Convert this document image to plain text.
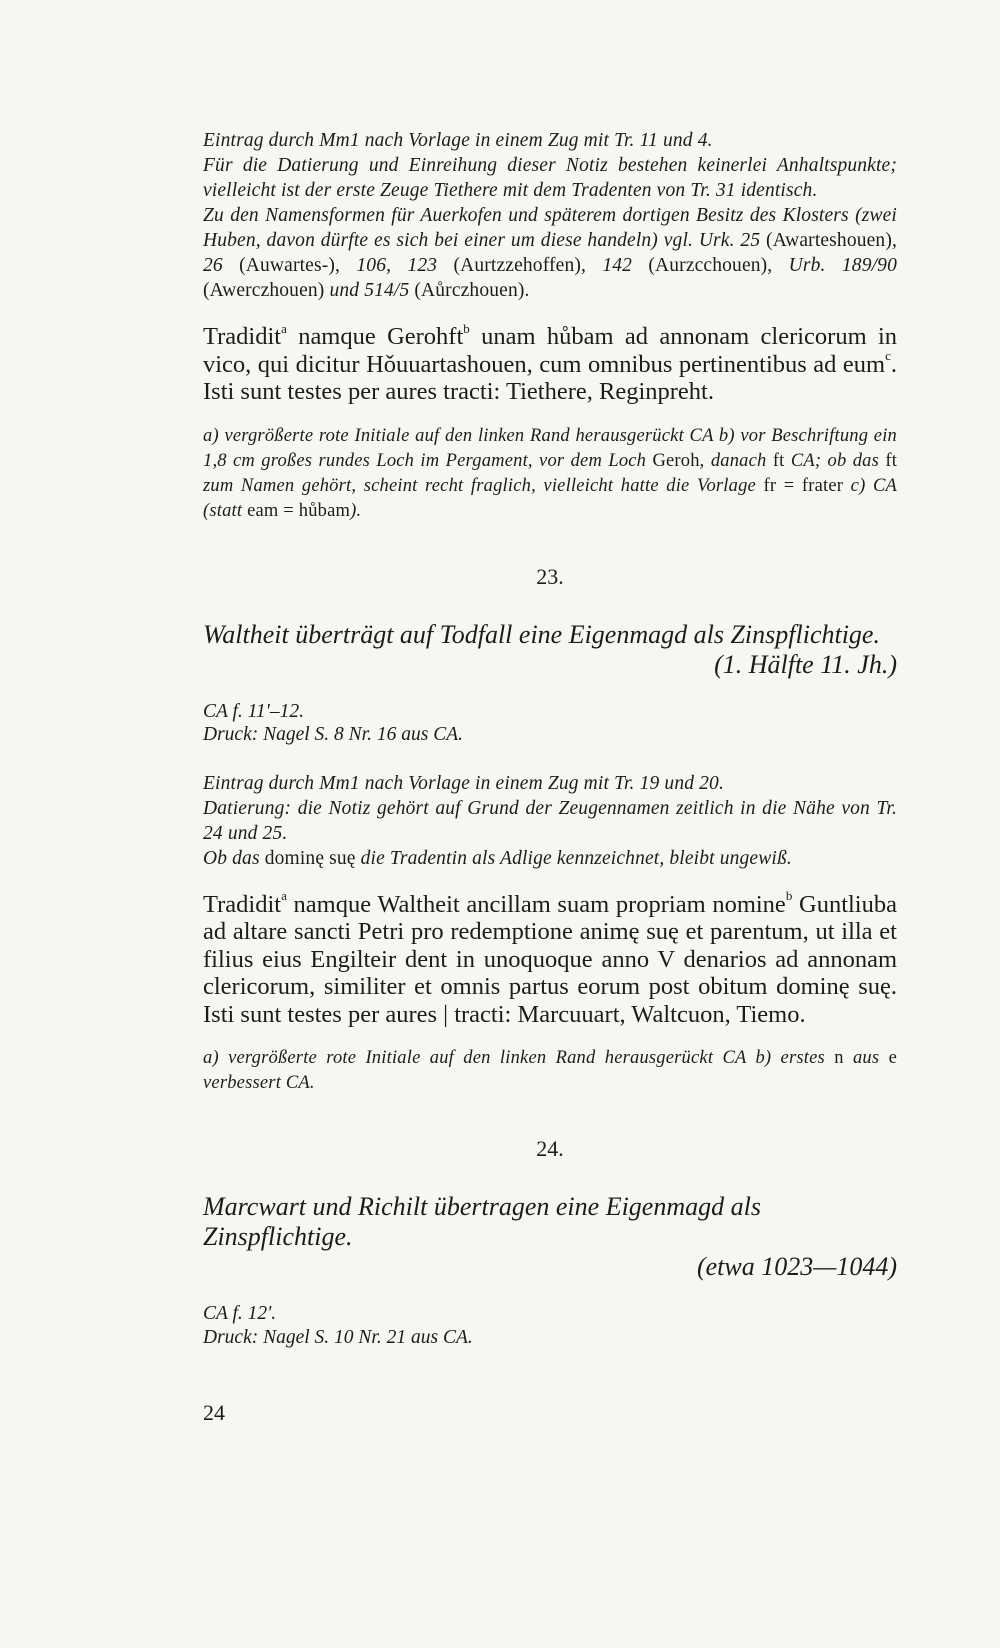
Eintrag durch Mm1 nach Vorlage in einem Zug mit Tr. 11 und 4.

Für die Datierung und Einreihung dieser Notiz bestehen keinerlei Anhaltspunkte; vielleicht ist der erste Zeuge Tiethere mit dem Tradenten von Tr. 31 identisch.

Zu den Namensformen für Auerkofen und späterem dortigen Besitz des Klosters (zwei Huben, davon dürfte es sich bei einer um diese handeln) vgl. Urk. 25 (Awarteshouen), 26 (Auwartes-), 106, 123 (Aurtzzehoffen), 142 (Aurzcchouen), Urb. 189/90 (Awerczhouen) und 514/5 (Aůrczhouen).

Tradidit$^a$ namque Gerohft$^b$ unam hůbam ad annonam clericorum in vico, qui dicitur Hǒuuartashouen, cum omnibus pertinentibus ad eum$^c$. Isti sunt testes per aures tracti: Tiethere, Reginpreht.

a) vergrößerte rote Initiale auf den linken Rand herausgerückt CA b) vor Beschriftung ein 1,8 cm großes rundes Loch im Pergament, vor dem Loch Geroh, danach ft CA; ob das ft zum Namen gehört, scheint recht fraglich, vielleicht hatte die Vorlage fr = frater c) CA (statt eam = hůbam).

23.
Waltheit überträgt auf Todfall eine Eigenmagd als Zinspflichtige.
(1. Hälfte 11. Jh.)

CA f. 11'–12.

Druck: Nagel S. 8 Nr. 16 aus CA.

Eintrag durch Mm1 nach Vorlage in einem Zug mit Tr. 19 und 20.

Datierung: die Notiz gehört auf Grund der Zeugennamen zeitlich in die Nähe von Tr. 24 und 25.

Ob das dominę suę die Tradentin als Adlige kennzeichnet, bleibt ungewiß.

Tradidit$^a$ namque Waltheit ancillam suam propriam nomine$^b$ Guntliuba ad altare sancti Petri pro redemptione animę suę et parentum, ut illa et filius eius Engilteir dent in unoquoque anno V denarios ad annonam clericorum, similiter et omnis partus eorum post obitum dominę suę. Isti sunt testes per aures | tracti: Marcuuart, Waltcuon, Tiemo.

a) vergrößerte rote Initiale auf den linken Rand herausgerückt CA b) erstes n aus e verbessert CA.

24.
Marcwart und Richilt übertragen eine Eigenmagd als Zinspflichtige.
(etwa 1023—1044)

CA f. 12'.

Druck: Nagel S. 10 Nr. 21 aus CA.

24
